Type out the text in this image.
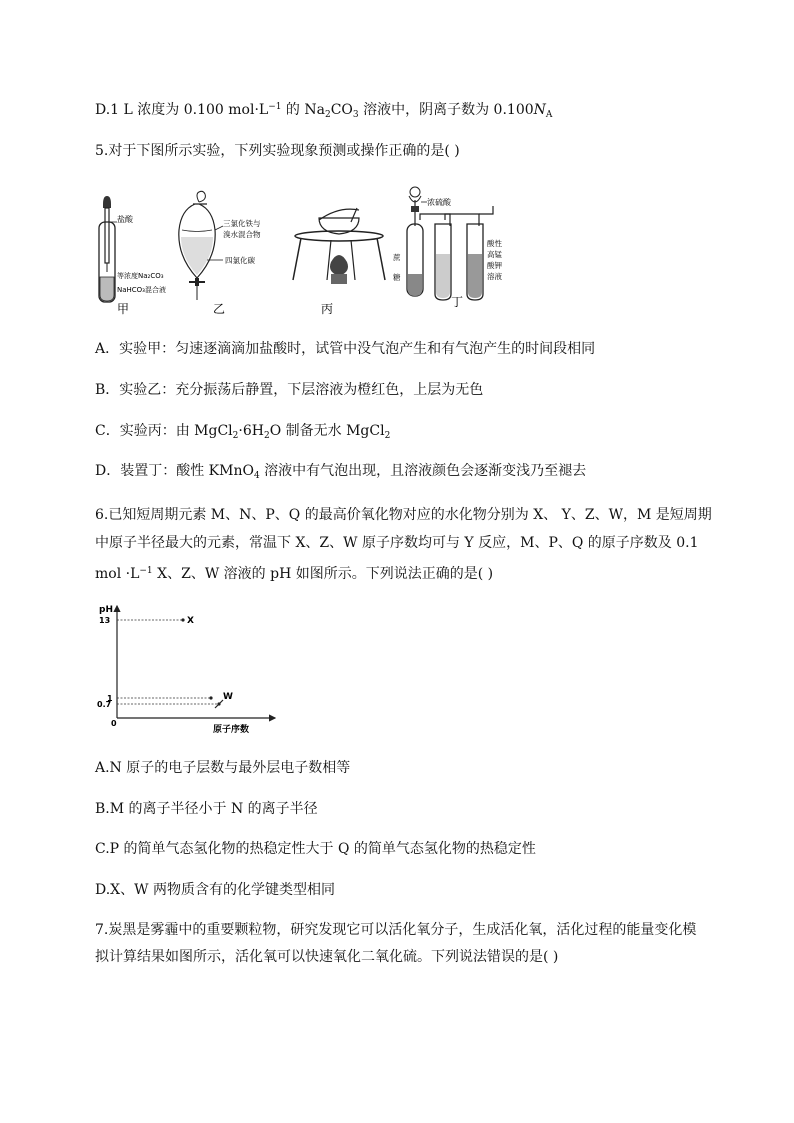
D.1 L 浓度为 0.100 $mol\cdot L^{-1}$ 的 $Na_2CO_3$ 溶液中，阴离子数为 $0.100N_A$
5.对于下图所示实验，下列实验现象预测或操作正确的是( )
盐酸
等浓度Na₂CO₃
NaHCO₃混合液
甲
三氯化铁与
溴水混合物
四氯化碳
乙	丙
浓硫酸
蔗
糖
酸性
高锰
酸钾
溶液
丁
A．实验甲：匀速逐滴滴加盐酸时，试管中没气泡产生和有气泡产生的时间段相同
B．实验乙：充分振荡后静置，下层溶液为橙红色，上层为无色
C．实验丙：由 $MgCl_2\cdot 6H_2O$ 制备无水 MgCl$_2$
D．装置丁：酸性 KMnO$_4$ 溶液中有气泡出现，且溶液颜色会逐渐变浅乃至褪去
6.已知短周期元素 M、N、P、Q 的最高价氧化物对应的水化物分别为 X、 Y、Z、W，M 是短周期
中原子半径最大的元素，常温下 X、Z、W 原子序数均可与 Y 反应，M、P、Q 的原子序数及 0.1
mol $\cdot L^{-1}$ X、Z、W 溶液的 pH 如图所示。下列说法正确的是( )
pH
原子序数
0
13	X
1
0.7
W
A.N 原子的电子层数与最外层电子数相等
B.M 的离子半径小于 N 的离子半径
C.P 的简单气态氢化物的热稳定性大于 Q 的简单气态氢化物的热稳定性
D.X、W 两物质含有的化学键类型相同
7.炭黑是雾霾中的重要颗粒物，研究发现它可以活化氧分子，生成活化氧，活化过程的能量变化模
拟计算结果如图所示，活化氧可以快速氧化二氧化硫。下列说法错误的是( )
